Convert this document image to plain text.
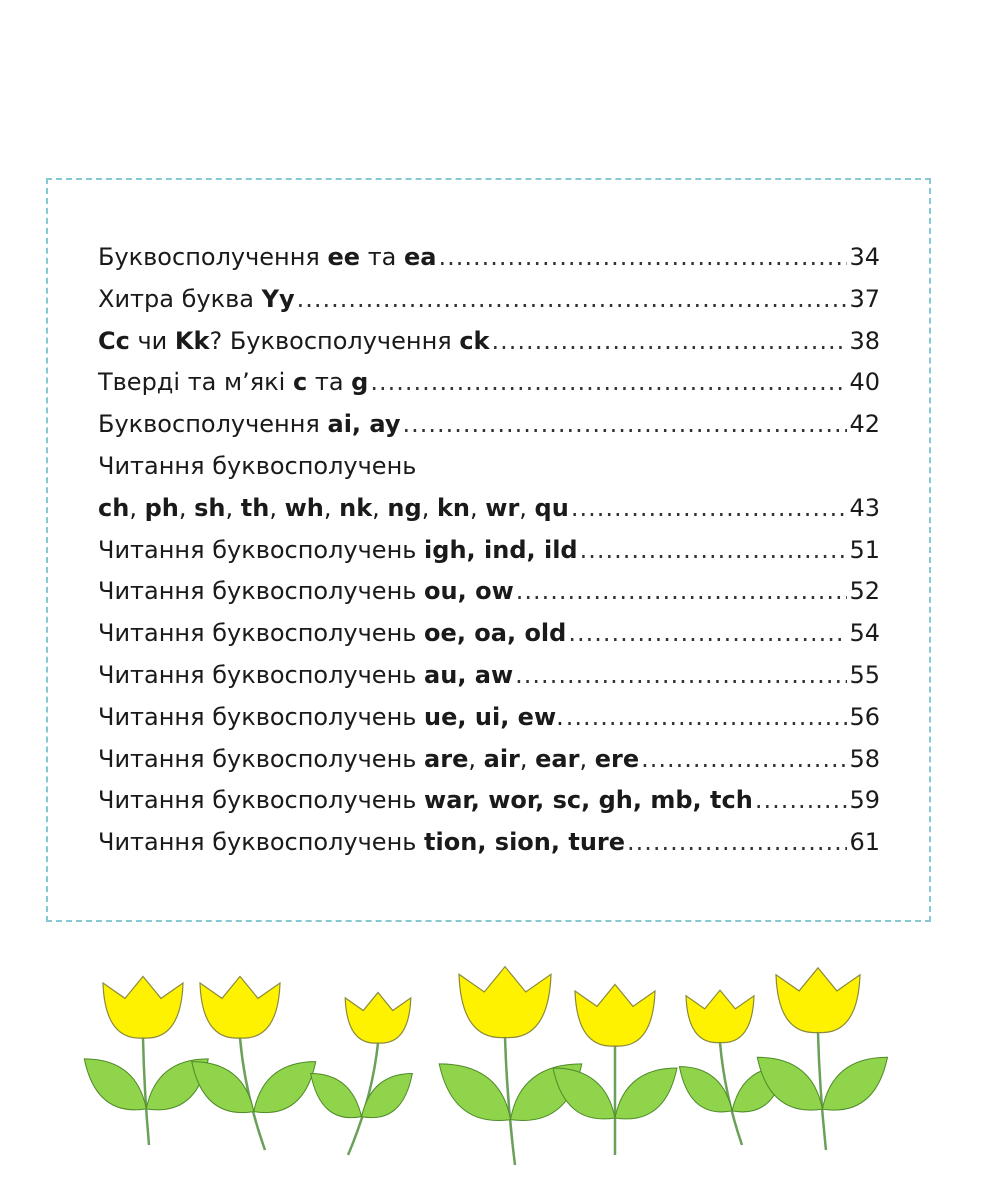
Буквосполучення ee та ea .....	34
Хитра буква Yy .....	37
Cc чи Kk? Буквосполучення ck .....	38
Тверді та м’які c та g .....	40
Буквосполучення ai, ay .....	42
Читання буквосполучень
ch, ph, sh, th, wh, nk, ng, kn, wr, qu .....	43
Читання буквосполучень igh, ind, ild .....	51
Читання буквосполучень ou, ow .....	52
Читання буквосполучень oe, oa, old .....	54
Читання буквосполучень au, aw .....	55
Читання буквосполучень ue, ui, ew. .....	56
Читання буквосполучень are, air, ear, ere .....	58
Читання буквосполучень war, wor, sc, gh, mb, tch .....	59
Читання буквосполучень tion, sion, ture .....	61
